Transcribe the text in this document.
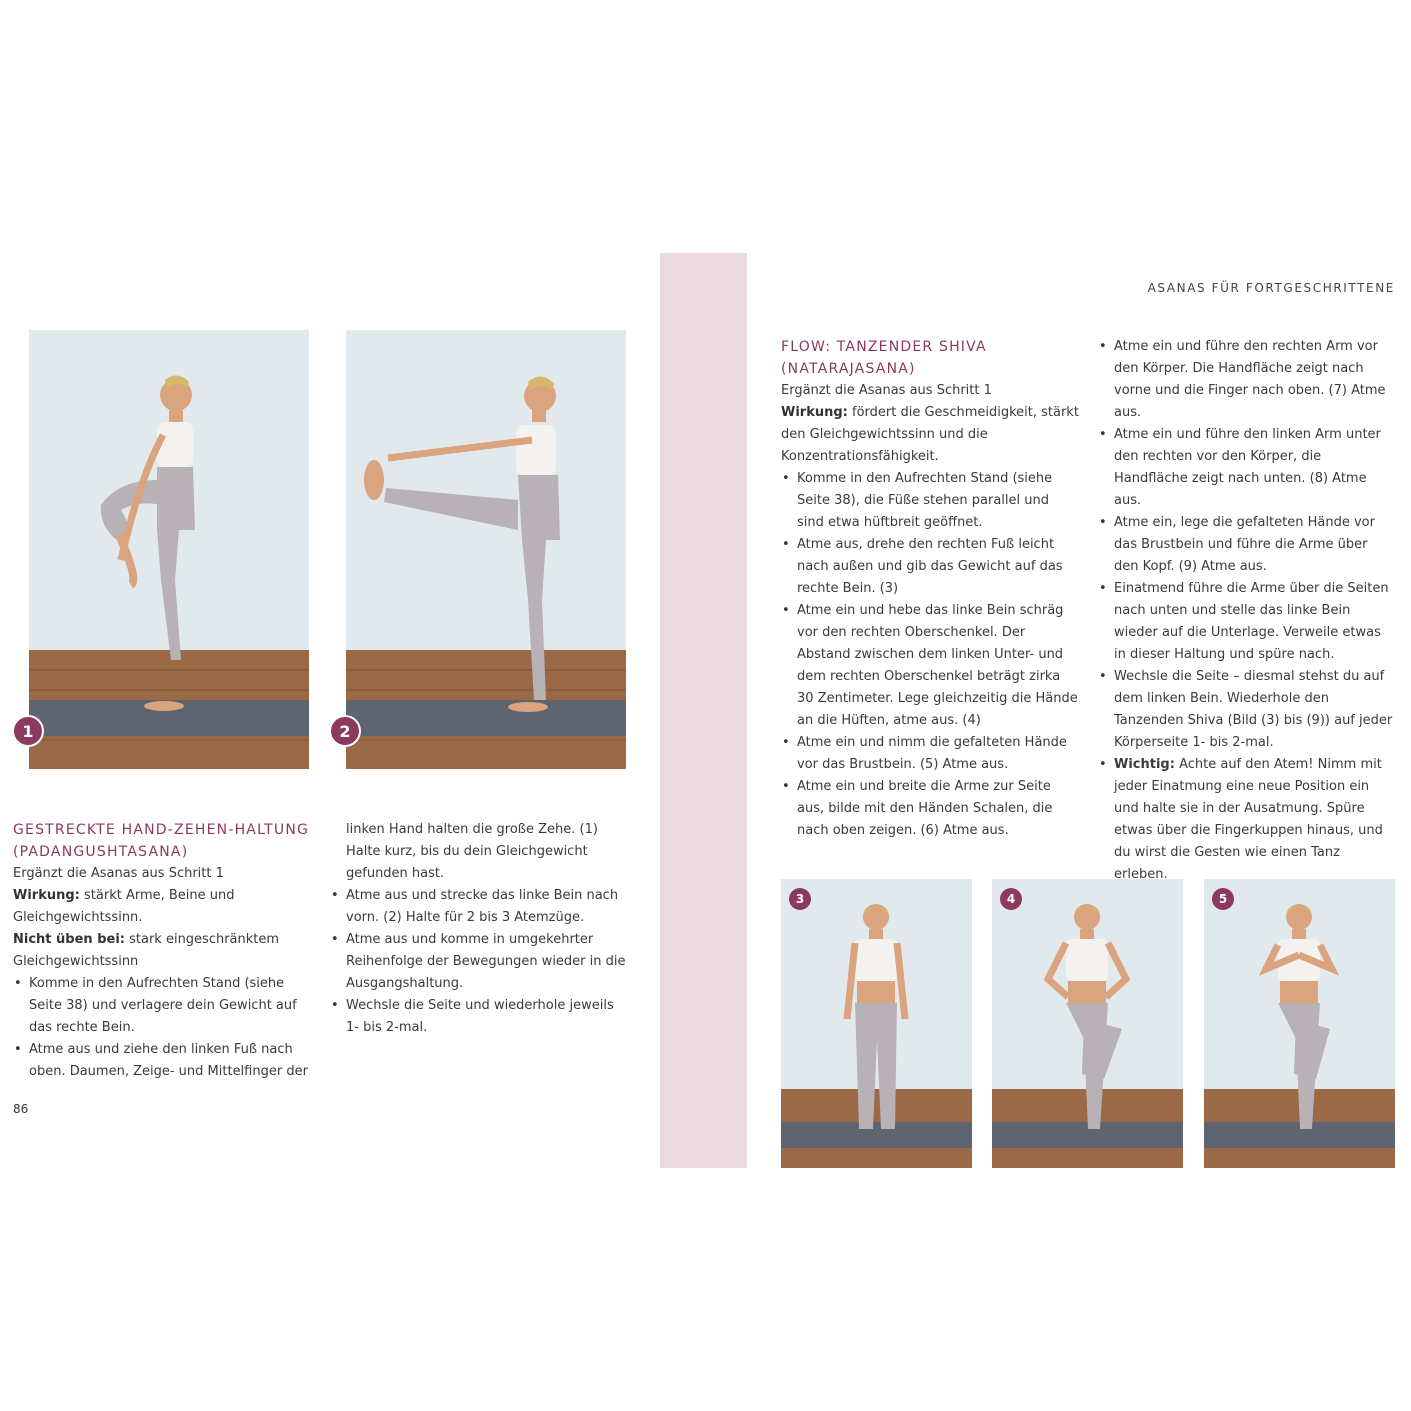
ASANAS FÜR FORTGESCHRITTENE
1	2
3	4	5
GESTRECKTE HAND-ZEHEN-HALTUNG (PADANGUSHTASANA)

Ergänzt die Asanas aus Schritt 1

Wirkung: stärkt Arme, Beine und Gleichgewichtssinn.

Nicht üben bei: stark eingeschränktem Gleichgewichtssinn

• Komme in den Aufrechten Stand (siehe Seite 38) und verlagere dein Gewicht auf das rechte Bein.
• Atme aus und ziehe den linken Fuß nach oben. Daumen, Zeige- und Mittelfinger der
linken Hand halten die große Zehe. (1) Halte kurz, bis du dein Gleichgewicht gefunden hast.
• Atme aus und strecke das linke Bein nach vorn. (2) Halte für 2 bis 3 Atemzüge.
• Atme aus und komme in umgekehrter Reihenfolge der Bewegungen wieder in die Ausgangshaltung.
• Wechsle die Seite und wiederhole jeweils 1- bis 2-mal.
86
FLOW: TANZENDER SHIVA (NATARAJASANA)

Ergänzt die Asanas aus Schritt 1

Wirkung: fördert die Geschmeidigkeit, stärkt den Gleichgewichtssinn und die Konzentrationsfähigkeit.

• Komme in den Aufrechten Stand (siehe Seite 38), die Füße stehen parallel und sind etwa hüftbreit geöffnet.
• Atme aus, drehe den rechten Fuß leicht nach außen und gib das Gewicht auf das rechte Bein. (3)
• Atme ein und hebe das linke Bein schräg vor den rechten Oberschenkel. Der Abstand zwischen dem linken Unter- und dem rechten Oberschenkel beträgt zirka 30 Zentimeter. Lege gleichzeitig die Hände an die Hüften, atme aus. (4)
• Atme ein und nimm die gefalteten Hände vor das Brustbein. (5) Atme aus.
• Atme ein und breite die Arme zur Seite aus, bilde mit den Händen Schalen, die nach oben zeigen. (6) Atme aus.
• Atme ein und führe den rechten Arm vor den Körper. Die Handfläche zeigt nach vorne und die Finger nach oben. (7) Atme aus.
• Atme ein und führe den linken Arm unter den rechten vor den Körper, die Handfläche zeigt nach unten. (8) Atme aus.
• Atme ein, lege die gefalteten Hände vor das Brustbein und führe die Arme über den Kopf. (9) Atme aus.
• Einatmend führe die Arme über die Seiten nach unten und stelle das linke Bein wieder auf die Unterlage. Verweile etwas in dieser Haltung und spüre nach.
• Wechsle die Seite – diesmal stehst du auf dem linken Bein. Wiederhole den Tanzenden Shiva (Bild (3) bis (9)) auf jeder Körperseite 1- bis 2-mal.
• Wichtig: Achte auf den Atem! Nimm mit jeder Einatmung eine neue Position ein und halte sie in der Ausatmung. Spüre etwas über die Fingerkuppen hinaus, und du wirst die Gesten wie einen Tanz erleben.
